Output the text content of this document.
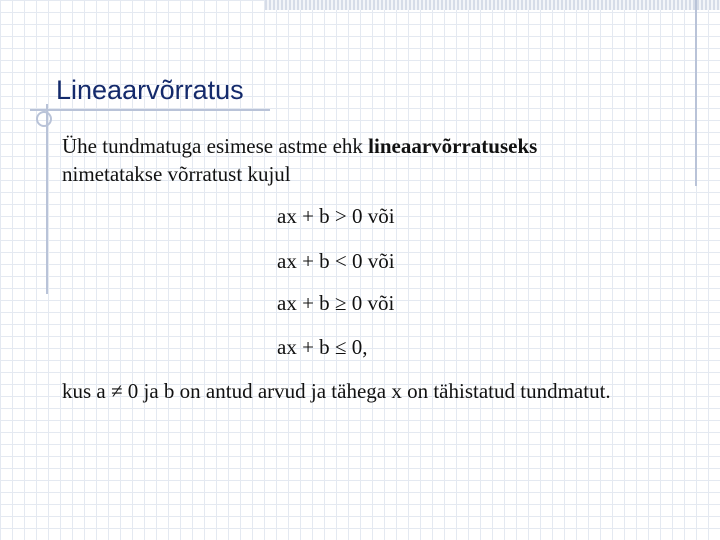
Lineaarvõrratus
Ühe tundmatuga esimese astme ehk lineaarvõrratuseks
nimetatakse võrratust kujul
ax + b > 0 või
ax + b < 0 või
ax + b ≥ 0 või
ax + b ≤ 0,
kus a ≠ 0 ja b on antud arvud ja tähega x on tähistatud tundmatut.
